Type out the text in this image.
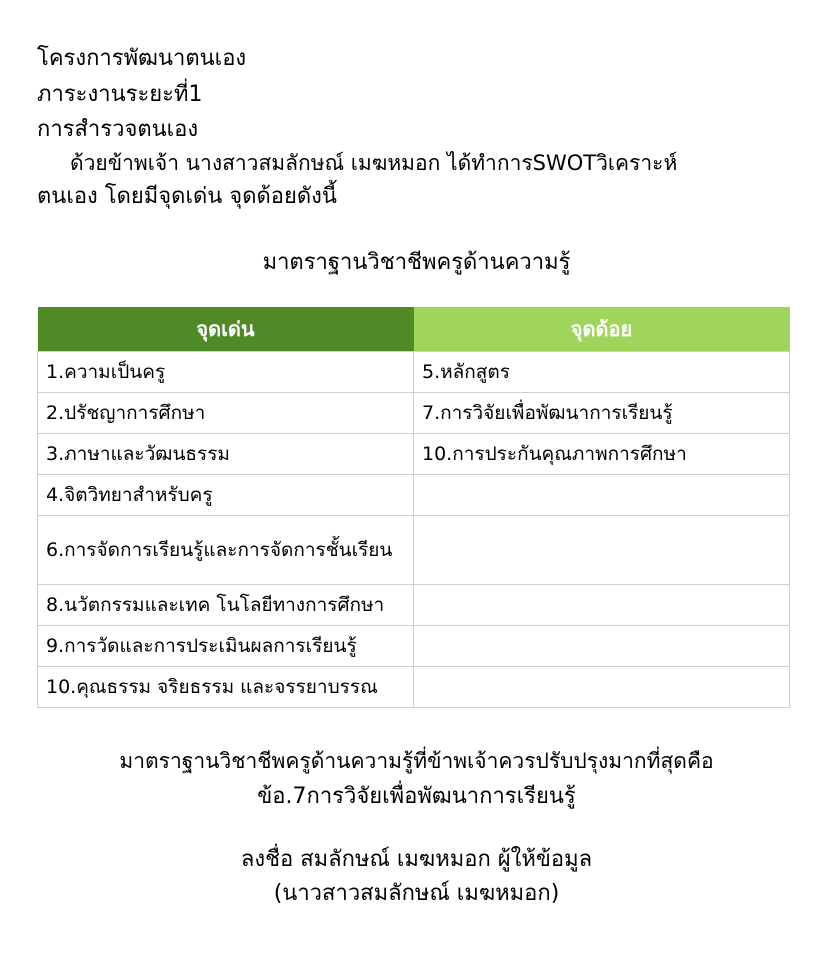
โครงการพัฒนาตนเอง
ภาระงานระยะที่1
การสำรวจตนเอง
ด้วยข้าพเจ้า นางสาวสมลักษณ์ เมฆหมอก ได้ทำการSWOTวิเคราะห์
ตนเอง โดยมีจุดเด่น จุดด้อยดังนี้
มาตราฐานวิชาชีพครูด้านความรู้
จุดเด่น	จุดด้อย
1.ความเป็นครู	5.หลักสูตร
2.ปรัชญาการศึกษา	7.การวิจัยเพื่อพัฒนาการเรียนรู้
3.ภาษาและวัฒนธรรม	10.การประกันคุณภาพการศึกษา
4.จิตวิทยาสำหรับครู	
6.การจัดการเรียนรู้และการจัดการชั้นเรียน	
8.นวัตกรรมและเทค โนโลยีทางการศึกษา	
9.การวัดและการประเมินผลการเรียนรู้	
10.คุณธรรม จริยธรรม และจรรยาบรรณ	
มาตราฐานวิชาชีพครูด้านความรู้ที่ข้าพเจ้าควรปรับปรุงมากที่สุดคือ
ข้อ.7การวิจัยเพื่อพัฒนาการเรียนรู้
ลงชื่อ สมลักษณ์ เมฆหมอก ผู้ให้ข้อมูล
(นาวสาวสมลักษณ์ เมฆหมอก)
